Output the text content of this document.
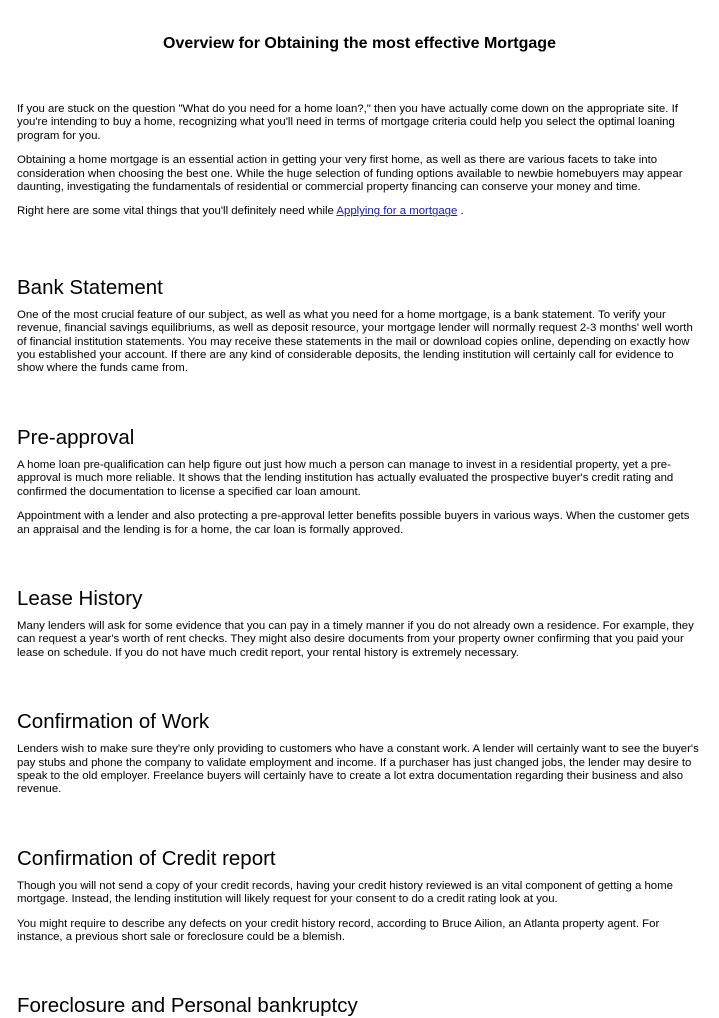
Overview for Obtaining the most effective Mortgage

If you are stuck on the question "What do you need for a home loan?," then you have actually come down on the appropriate site. If you're intending to buy a home, recognizing what you'll need in terms of mortgage criteria could help you select the optimal loaning program for you.

Obtaining a home mortgage is an essential action in getting your very first home, as well as there are various facets to take into consideration when choosing the best one. While the huge selection of funding options available to newbie homebuyers may appear daunting, investigating the fundamentals of residential or commercial property financing can conserve your money and time.

Right here are some vital things that you'll definitely need while Applying for a mortgage .

Bank Statement

One of the most crucial feature of our subject, as well as what you need for a home mortgage, is a bank statement. To verify your revenue, financial savings equilibriums, as well as deposit resource, your mortgage lender will normally request 2-3 months' well worth of financial institution statements. You may receive these statements in the mail or download copies online, depending on exactly how you established your account. If there are any kind of considerable deposits, the lending institution will certainly call for evidence to show where the funds came from.

Pre-approval

A home loan pre-qualification can help figure out just how much a person can manage to invest in a residential property, yet a pre-approval is much more reliable. It shows that the lending institution has actually evaluated the prospective buyer's credit rating and confirmed the documentation to license a specified car loan amount.

Appointment with a lender and also protecting a pre-approval letter benefits possible buyers in various ways. When the customer gets an appraisal and the lending is for a home, the car loan is formally approved.

Lease History

Many lenders will ask for some evidence that you can pay in a timely manner if you do not already own a residence. For example, they can request a year's worth of rent checks. They might also desire documents from your property owner confirming that you paid your lease on schedule. If you do not have much credit report, your rental history is extremely necessary.

Confirmation of Work

Lenders wish to make sure they're only providing to customers who have a constant work. A lender will certainly want to see the buyer's pay stubs and phone the company to validate employment and income. If a purchaser has just changed jobs, the lender may desire to speak to the old employer. Freelance buyers will certainly have to create a lot extra documentation regarding their business and also revenue.

Confirmation of Credit report

Though you will not send a copy of your credit records, having your credit history reviewed is an vital component of getting a home mortgage. Instead, the lending institution will likely request for your consent to do a credit rating look at you.

You might require to describe any defects on your credit history record, according to Bruce Ailion, an Atlanta property agent. For instance, a previous short sale or foreclosure could be a blemish.

Foreclosure and Personal bankruptcy
